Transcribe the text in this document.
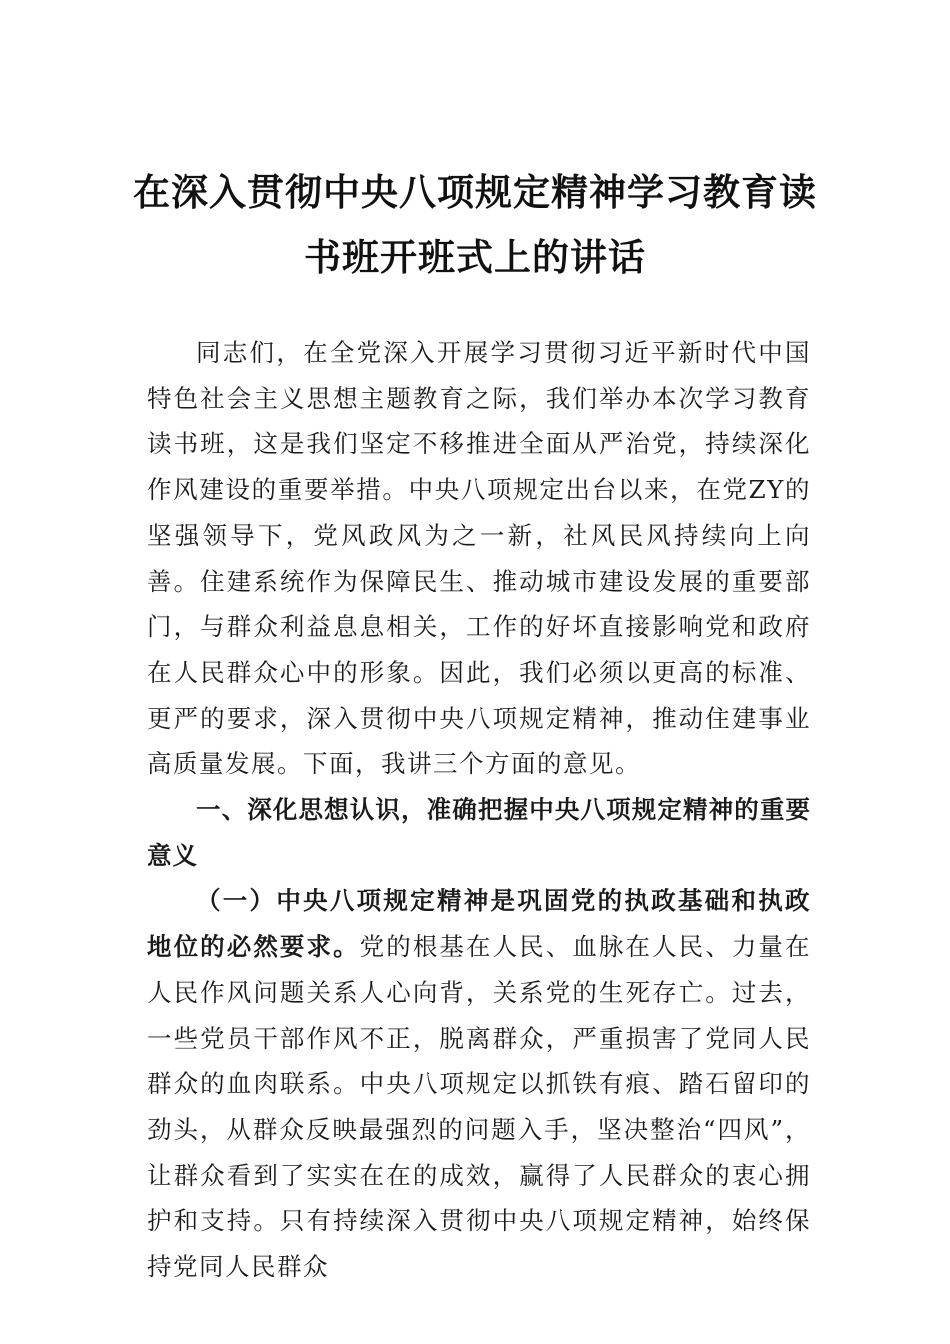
在深入贯彻中央八项规定精神学习教育读
书班开班式上的讲话

同志们，在全党深入开展学习贯彻习近平新时代中国特色社会主义思想主题教育之际，我们举办本次学习教育读书班，这是我们坚定不移推进全面从严治党，持续深化作风建设的重要举措。中央八项规定出台以来，在党ZY的坚强领导下，党风政风为之一新，社风民风持续向上向善。住建系统作为保障民生、推动城市建设发展的重要部门，与群众利益息息相关，工作的好坏直接影响党和政府在人民群众心中的形象。因此，我们必须以更高的标准、更严的要求，深入贯彻中央八项规定精神，推动住建事业高质量发展。下面，我讲三个方面的意见。

一、深化思想认识，准确把握中央八项规定精神的重要意义

（一）中央八项规定精神是巩固党的执政基础和执政地位的必然要求。党的根基在人民、血脉在人民、力量在人民作风问题关系人心向背，关系党的生死存亡。过去，一些党员干部作风不正，脱离群众，严重损害了党同人民群众的血肉联系。中央八项规定以抓铁有痕、踏石留印的劲头，从群众反映最强烈的问题入手，坚决整治“四风”，让群众看到了实实在在的成效，赢得了人民群众的衷心拥护和支持。只有持续深入贯彻中央八项规定精神，始终保持党同人民群众
